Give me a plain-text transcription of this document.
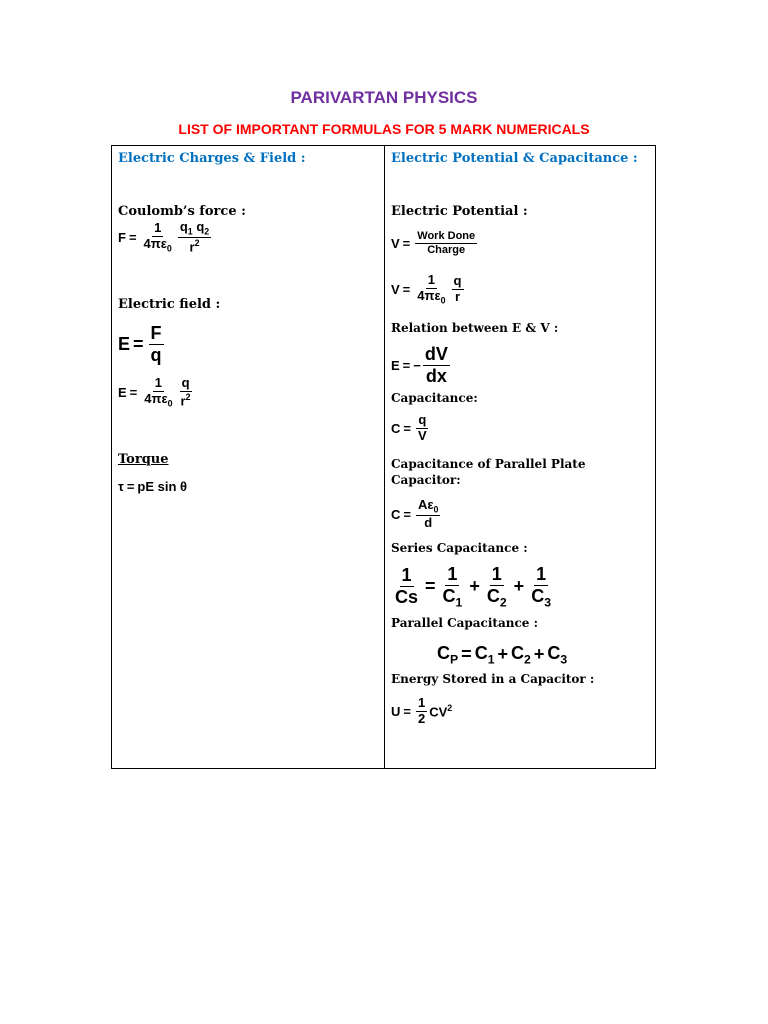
PARIVARTAN PHYSICS
LIST OF IMPORTANT FORMULAS FOR 5 MARK NUMERICALS
Electric Charges & Field :
Coulomb’s force :
$F = \frac{1}{4\pi\varepsilon_0} \frac{q_1 q_2}{r^2}$
Electric field :
$E = \frac{F}{q}$
$E = \frac{1}{4\pi\varepsilon_0} \frac{q}{r^2}$
Torque
τ = pE sin θ
Electric Potential & Capacitance :
Electric Potential :
$V = \frac{\text{Work Done}}{\text{Charge}}$
$V = \frac{1}{4\pi\varepsilon_0} \frac{q}{r}$
Relation between E & V :
E = − $\frac{dV}{dx}$
Capacitance:
$C = \frac{q}{V}$
Capacitance of Parallel Plate
Capacitor:
$C = \frac{A\varepsilon_0}{d}$
Series Capacitance :
$\frac{1}{Cs} = \frac{1}{C_1} + \frac{1}{C_2} + \frac{1}{C_3}$
Parallel Capacitance :
$C_P = C_1 + C_2 + C_3$
Energy Stored in a Capacitor :
$U = \frac{1}{2} CV^2$
